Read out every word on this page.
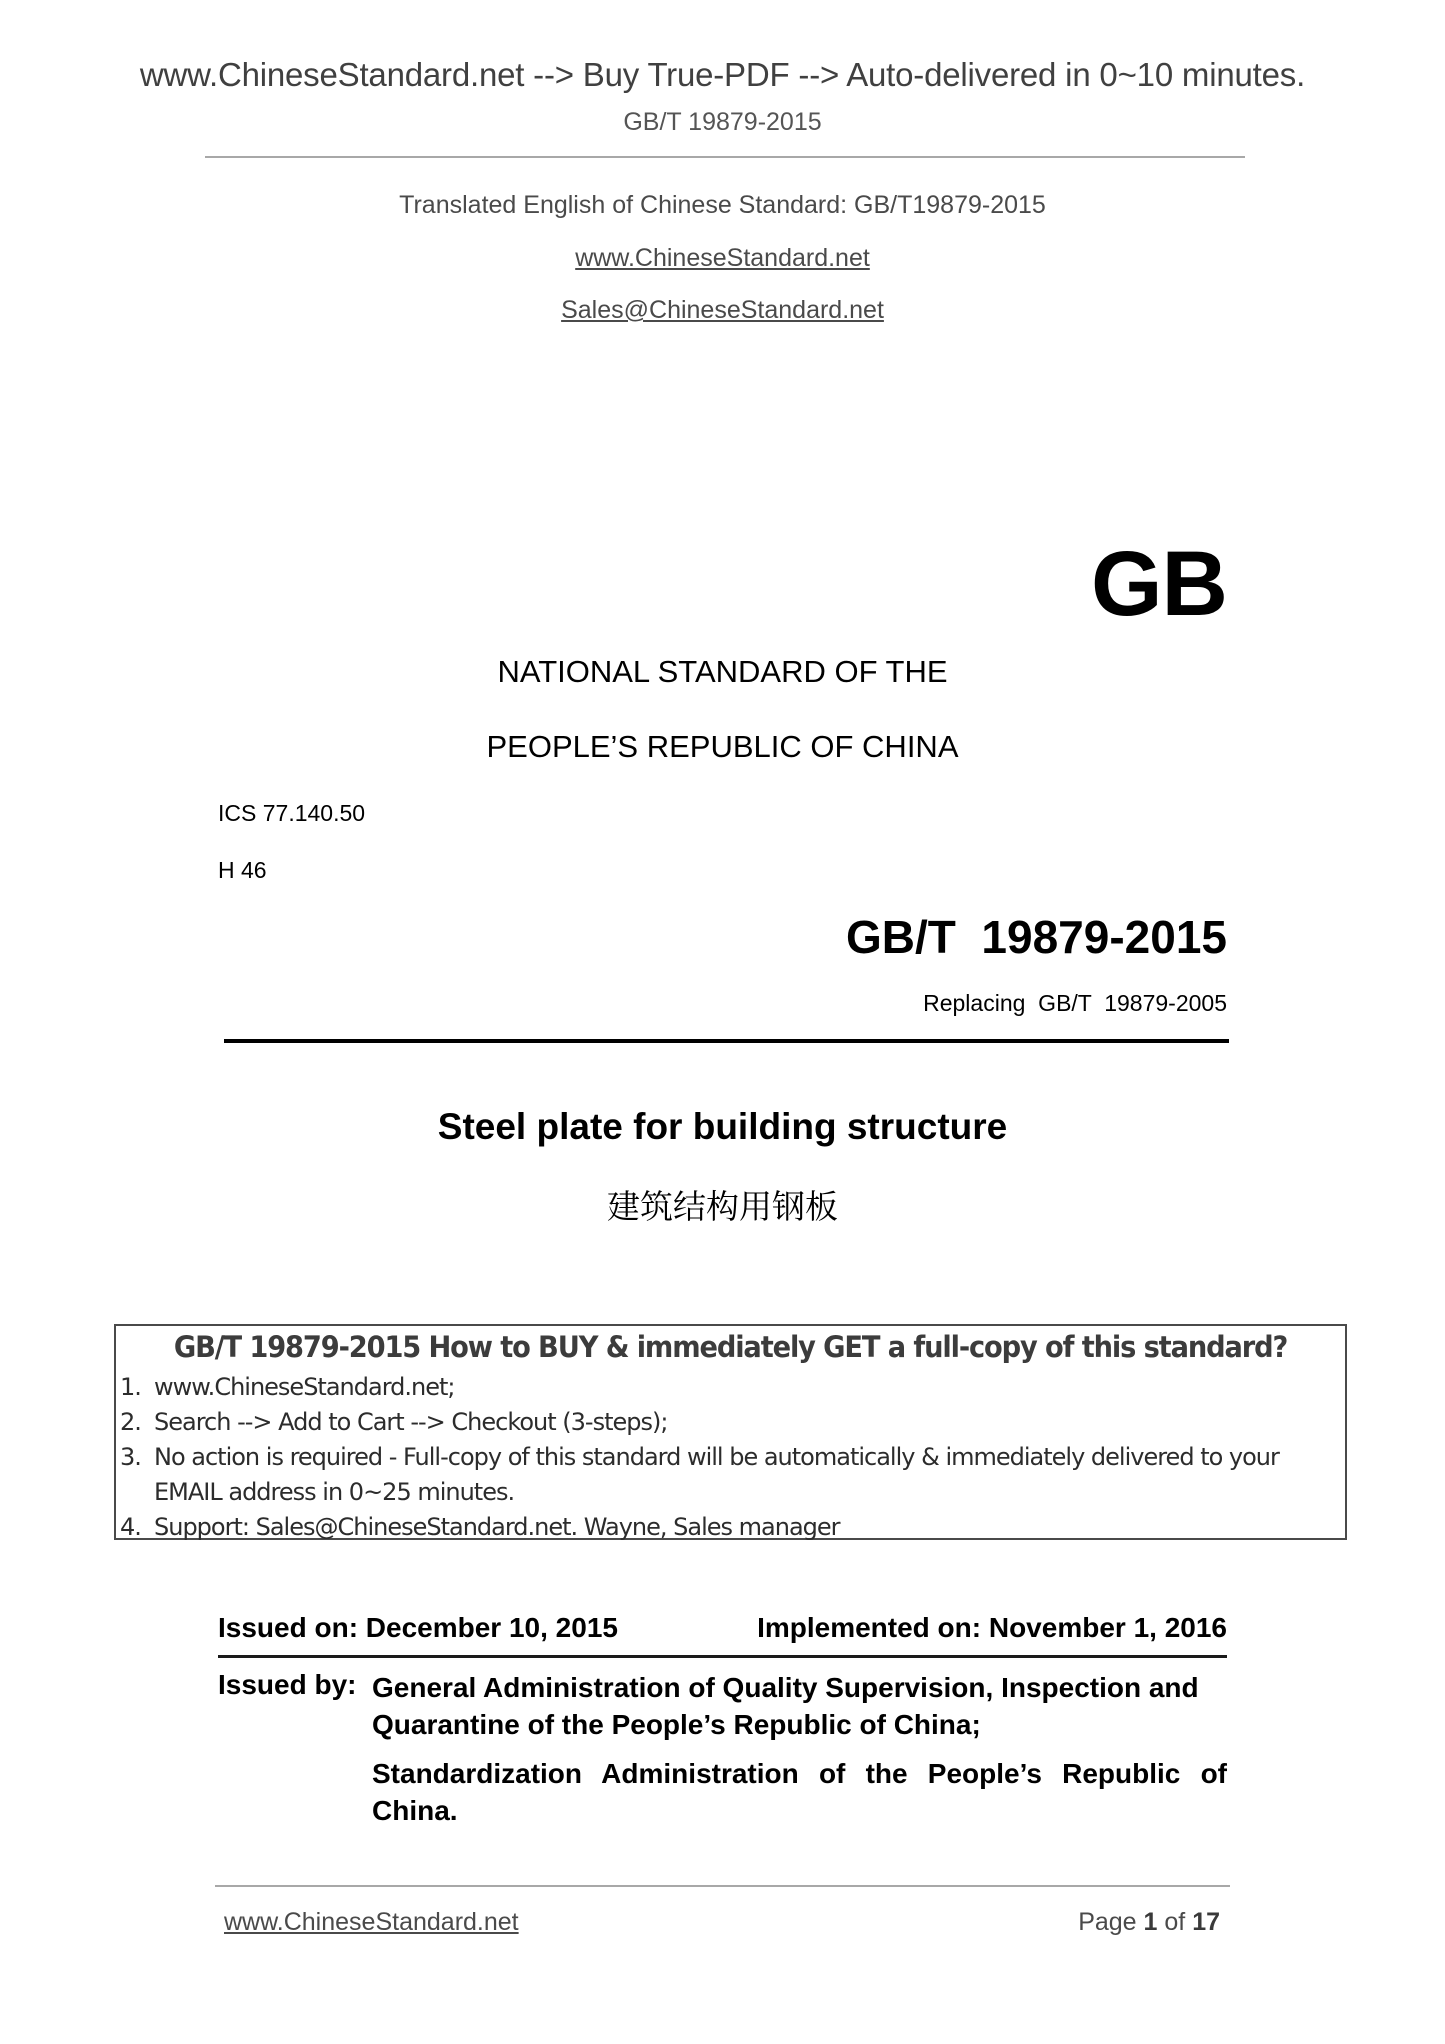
www.ChineseStandard.net --> Buy True-PDF --> Auto-delivered in 0~10 minutes.
GB/T 19879-2015
Translated English of Chinese Standard: GB/T19879-2015
www.ChineseStandard.net
Sales@ChineseStandard.net
GB
NATIONAL STANDARD OF THE
PEOPLE’S REPUBLIC OF CHINA
ICS 77.140.50
H 46
GB/T  19879-2015
Replacing  GB/T  19879-2005
Steel plate for building structure
建筑结构用钢板
GB/T 19879-2015 How to BUY & immediately GET a full-copy of this standard?
1. www.ChineseStandard.net;
2. Search --> Add to Cart --> Checkout (3-steps);
3. No action is required - Full-copy of this standard will be automatically & immediately delivered to your EMAIL address in 0~25 minutes.
4. Support: Sales@ChineseStandard.net. Wayne, Sales manager
Issued on: December 10, 2015	Implemented on: November 1, 2016
Issued by: General Administration of Quality Supervision, Inspection and Quarantine of the People’s Republic of China;
Standardization Administration of the People’s Republic of China.
www.ChineseStandard.net	Page 1 of 17
